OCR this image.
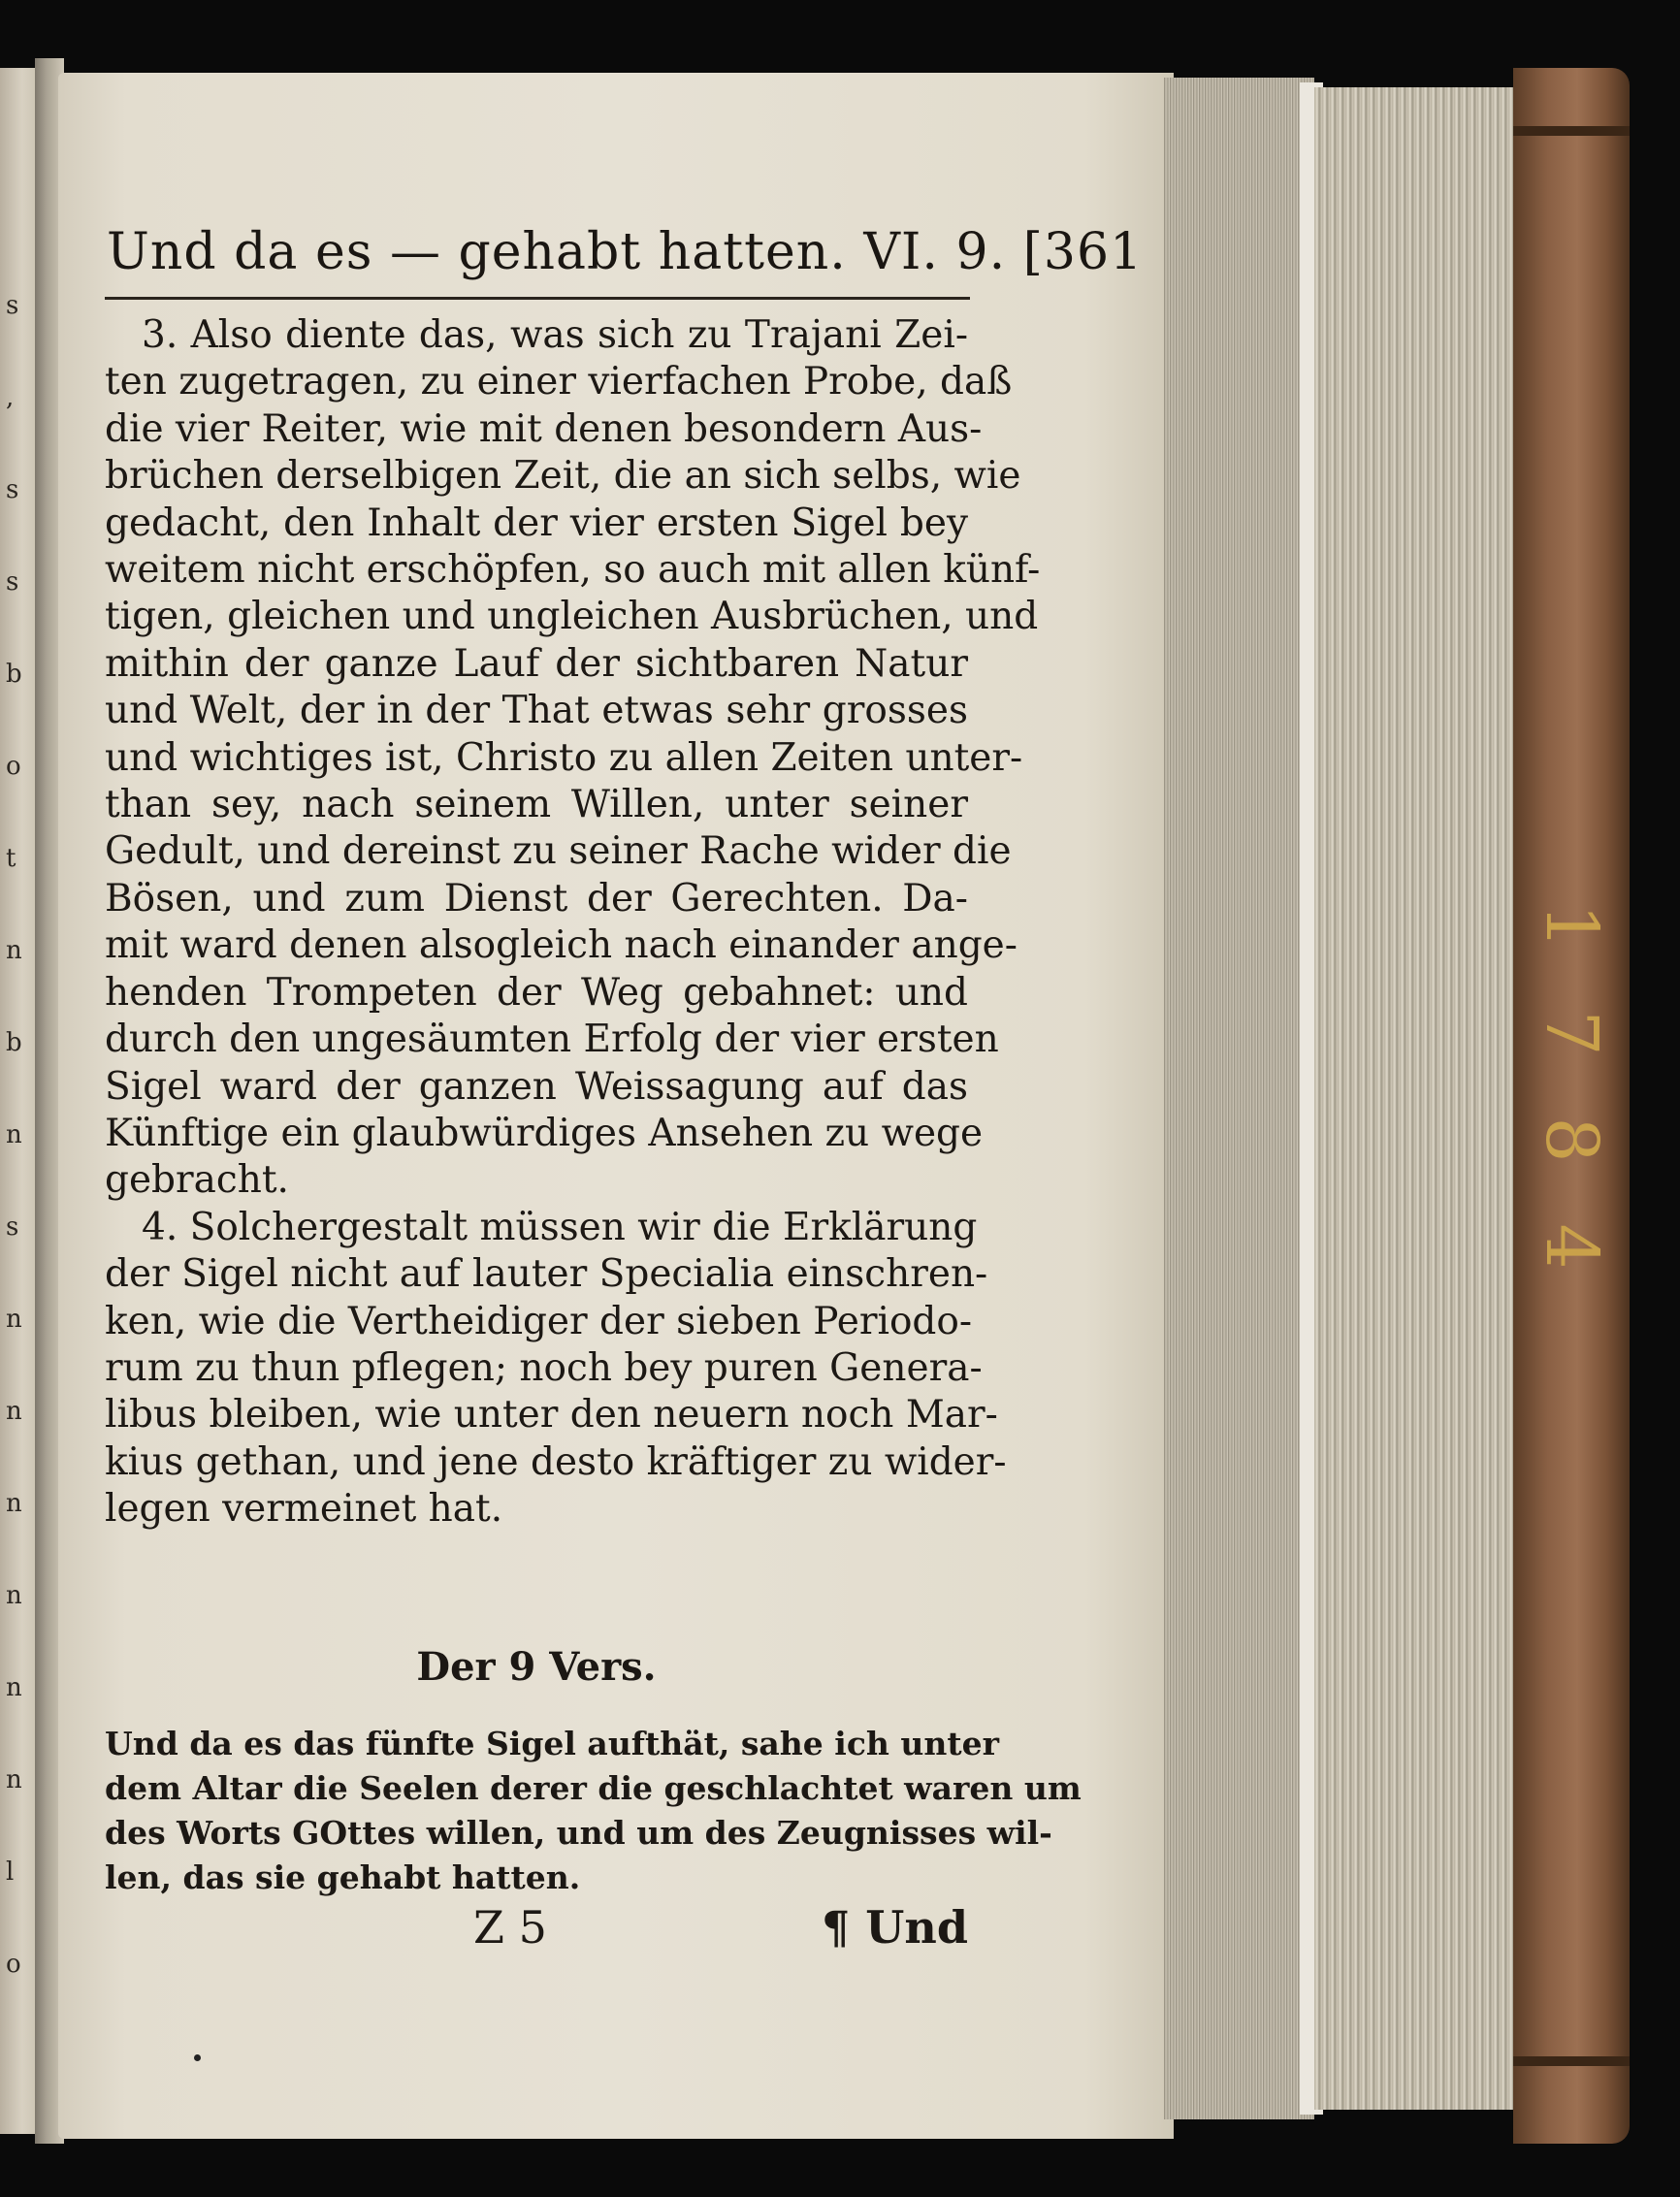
s
,
s
s
b
o
t
n
b
n
s
n
n
n
n
n
n
l
o
Und da es — gehabt hatten. VI. 9. [361
3. Also diente das, was sich zu Trajani Zei-
ten zugetragen, zu einer vierfachen Probe, daß
die vier Reiter, wie mit denen besondern Aus-
brüchen derselbigen Zeit, die an sich selbs, wie
gedacht, den Inhalt der vier ersten Sigel bey
weitem nicht erschöpfen, so auch mit allen künf-
tigen, gleichen und ungleichen Ausbrüchen, und
mithin der ganze Lauf der sichtbaren Natur
und Welt, der in der That etwas sehr grosses
und wichtiges ist, Christo zu allen Zeiten unter-
than sey, nach seinem Willen, unter seiner
Gedult, und dereinst zu seiner Rache wider die
Bösen, und zum Dienst der Gerechten. Da-
mit ward denen alsogleich nach einander ange-
henden Trompeten der Weg gebahnet: und
durch den ungesäumten Erfolg der vier ersten
Sigel ward der ganzen Weissagung auf das
Künftige ein glaubwürdiges Ansehen zu wege
gebracht.
4. Solchergestalt müssen wir die Erklärung
der Sigel nicht auf lauter Specialia einschren-
ken, wie die Vertheidiger der sieben Periodo-
rum zu thun pflegen; noch bey puren Genera-
libus bleiben, wie unter den neuern noch Mar-
kius gethan, und jene desto kräftiger zu wider-
legen vermeinet hat.
Der 9 Vers.
Und da es das fünfte Sigel aufthät, sahe ich unter
dem Altar die Seelen derer die geschlachtet waren um
des Worts GOttes willen, und um des Zeugnisses wil-
len, das sie gehabt hatten.
Z 5	¶ Und
1
7
8
4
